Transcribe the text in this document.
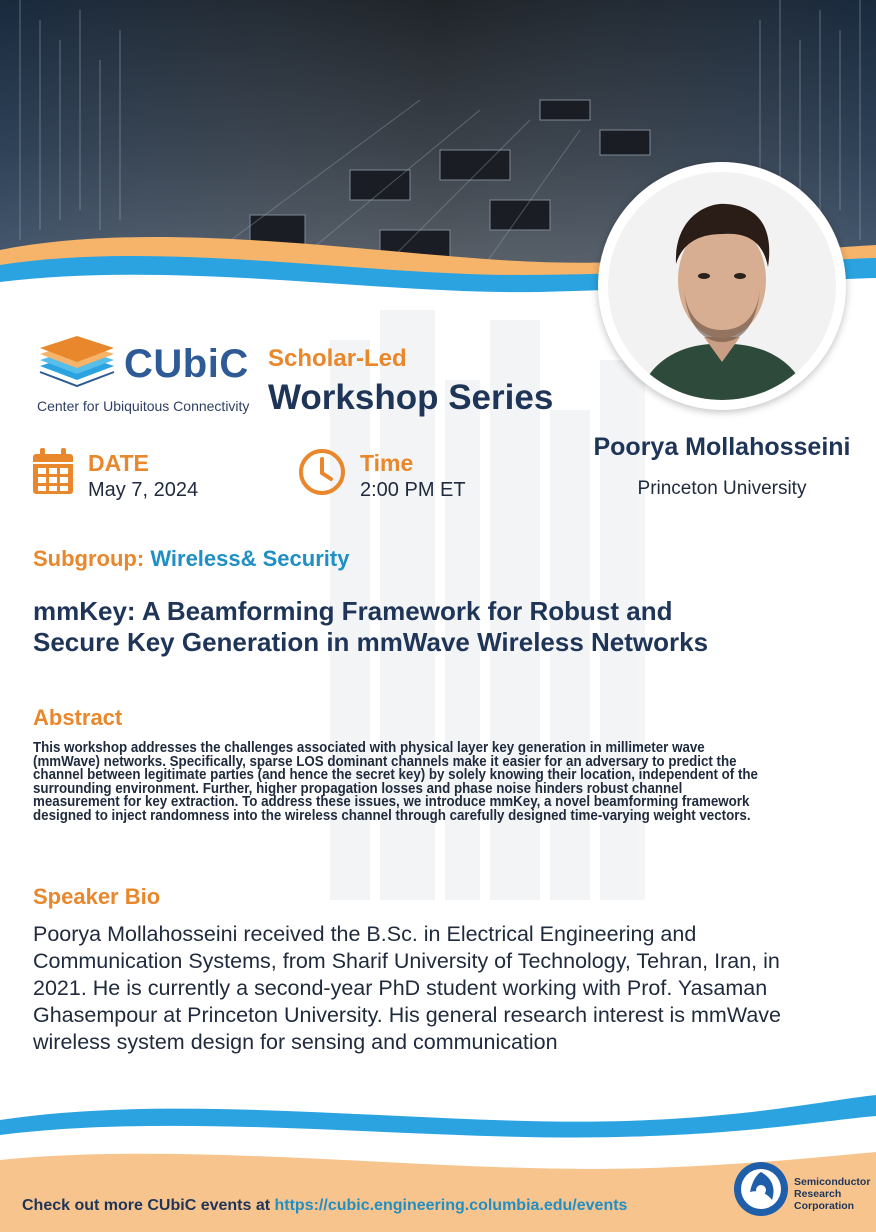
CUbiC
Center for Ubiquitous Connectivity
Scholar-Led
Workshop Series
Poorya Mollahosseini
Princeton University
DATE
May 7, 2024
Time
2:00 PM ET
Subgroup: Wireless& Security
mmKey: A Beamforming Framework for Robust and
Secure Key Generation in mmWave Wireless Networks
Abstract
This workshop addresses the challenges associated with physical layer key generation in millimeter wave (mmWave) networks. Specifically, sparse LOS dominant channels make it easier for an adversary to predict the channel between legitimate parties (and hence the secret key) by solely knowing their location, independent of the surrounding environment. Further, higher propagation losses and phase noise hinders robust channel measurement for key extraction. To address these issues, we introduce mmKey, a novel beamforming framework designed to inject randomness into the wireless channel through carefully designed time-varying weight vectors.
Speaker Bio
Poorya Mollahosseini received the B.Sc. in Electrical Engineering and Communication Systems, from Sharif University of Technology, Tehran, Iran, in 2021. He is currently a second-year PhD student working with Prof. Yasaman Ghasempour at Princeton University. His general research interest is mmWave wireless system design for sensing and communication
Check out more CUbiC events at https://cubic.engineering.columbia.edu/events
Semiconductor
Research
Corporation
